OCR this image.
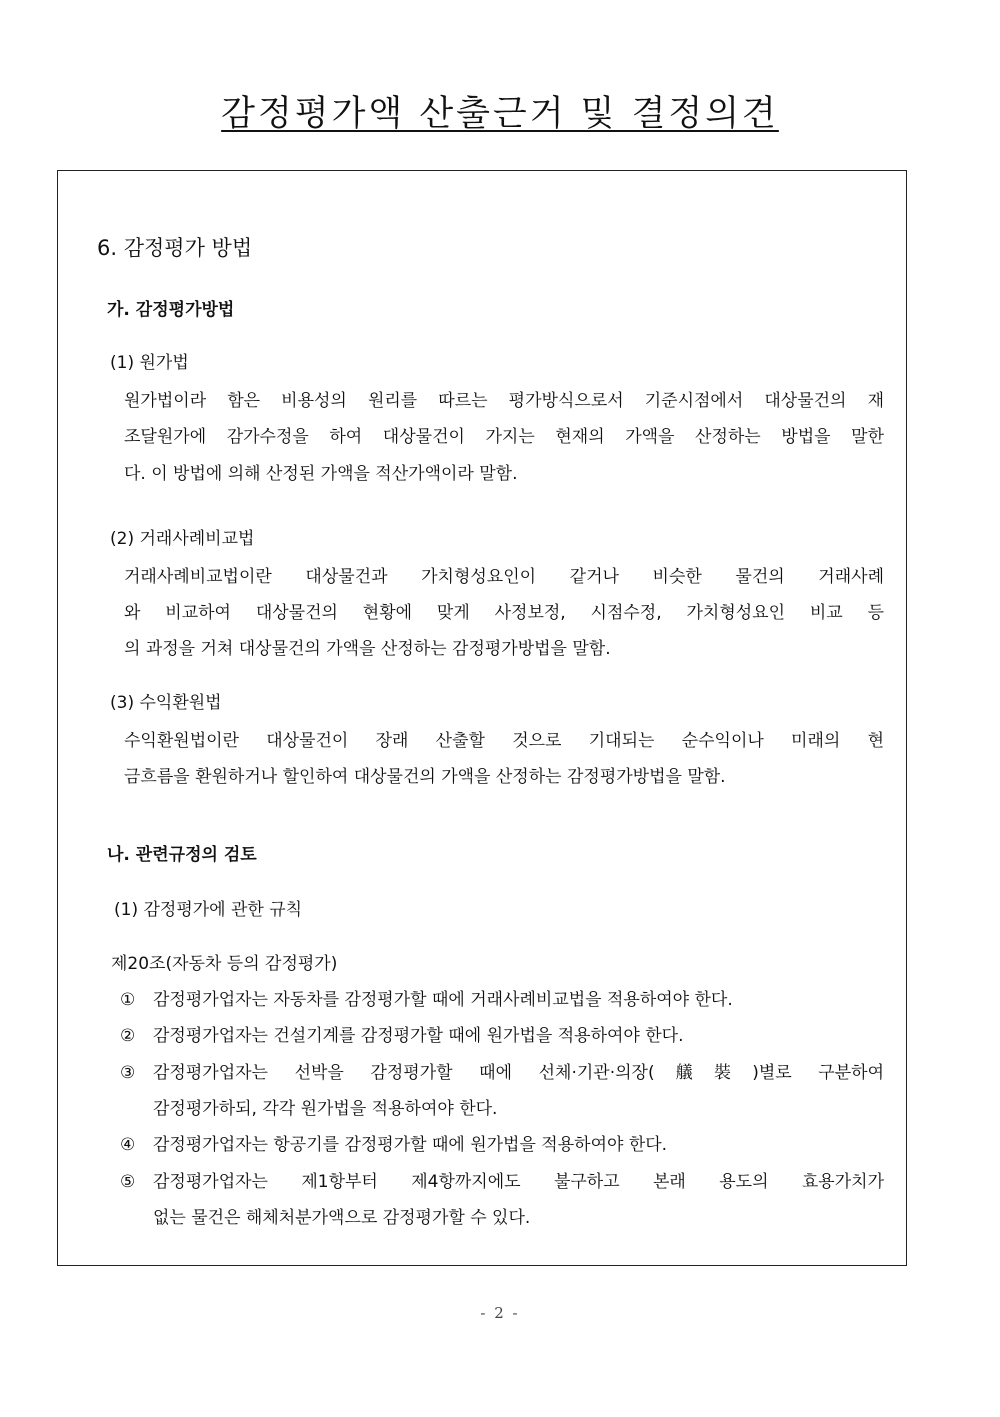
감정평가액 산출근거 및 결정의견
6. 감정평가 방법
가. 감정평가방법
(1) 원가법
원가법이라 함은 비용성의 원리를 따르는 평가방식으로서 기준시점에서 대상물건의 재
조달원가에 감가수정을 하여 대상물건이 가지는 현재의 가액을 산정하는 방법을 말한
다. 이 방법에 의해 산정된 가액을 적산가액이라 말함.
(2) 거래사례비교법
거래사례비교법이란 대상물건과 가치형성요인이 같거나 비슷한 물건의 거래사례
와 비교하여 대상물건의 현황에 맞게 사정보정, 시점수정, 가치형성요인 비교 등
의 과정을 거쳐 대상물건의 가액을 산정하는 감정평가방법을 말함.
(3) 수익환원법
수익환원법이란 대상물건이 장래 산출할 것으로 기대되는 순수익이나 미래의 현
금흐름을 환원하거나 할인하여 대상물건의 가액을 산정하는 감정평가방법을 말함.
나. 관련규정의 검토
(1) 감정평가에 관한 규칙
제20조(자동차 등의 감정평가)
① 감정평가업자는 자동차를 감정평가할 때에 거래사례비교법을 적용하여야 한다.
② 감정평가업자는 건설기계를 감정평가할 때에 원가법을 적용하여야 한다.
③ 감정평가업자는 선박을 감정평가할 때에 선체·기관·의장(艤裝)별로 구분하여
감정평가하되, 각각 원가법을 적용하여야 한다.
④ 감정평가업자는 항공기를 감정평가할 때에 원가법을 적용하여야 한다.
⑤ 감정평가업자는 제1항부터 제4항까지에도 불구하고 본래 용도의 효용가치가
없는 물건은 해체처분가액으로 감정평가할 수 있다.
- 2 -
